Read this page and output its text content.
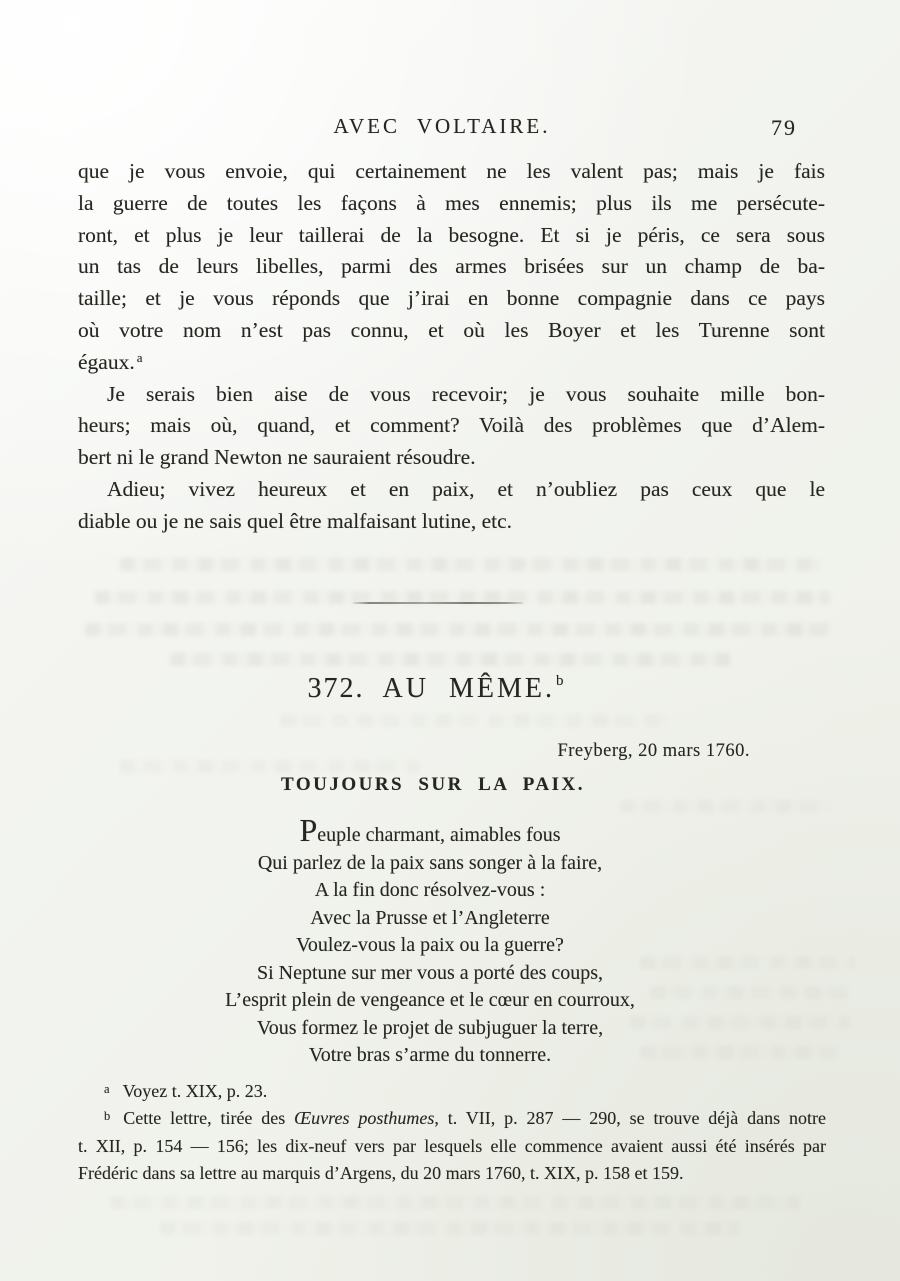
AVEC VOLTAIRE.	79
que je vous envoie, qui certainement ne les valent pas; mais je fais
la guerre de toutes les façons à mes ennemis; plus ils me persécute-
ront, et plus je leur taillerai de la besogne. Et si je péris, ce sera sous
un tas de leurs libelles, parmi des armes brisées sur un champ de ba-
taille; et je vous réponds que j’irai en bonne compagnie dans ce pays
où votre nom n’est pas connu, et où les Boyer et les Turenne sont
égaux. $^a$
Je serais bien aise de vous recevoir; je vous souhaite mille bon-
heurs; mais où, quand, et comment? Voilà des problèmes que d’Alem-
bert ni le grand Newton ne sauraient résoudre.
Adieu; vivez heureux et en paix, et n’oubliez pas ceux que le
diable ou je ne sais quel être malfaisant lutine, etc.
372. AU MÊME.$^b$
Freyberg, 20 mars 1760.
TOUJOURS SUR LA PAIX.
Peuple charmant, aimables fous
Qui parlez de la paix sans songer à la faire,
A la fin donc résolvez-vous :
Avec la Prusse et l’Angleterre
Voulez-vous la paix ou la guerre?
Si Neptune sur mer vous a porté des coups,
L’esprit plein de vengeance et le cœur en courroux,
Vous formez le projet de subjuguer la terre,
Votre bras s’arme du tonnerre.
$^a$ Voyez t. XIX, p. 23.
$^b$ Cette lettre, tirée des Œuvres posthumes, t. VII, p. 287 — 290, se trouve déjà dans notre
t. XII, p. 154 — 156; les dix-neuf vers par lesquels elle commence avaient aussi été insérés par
Frédéric dans sa lettre au marquis d’Argens, du 20 mars 1760, t. XIX, p. 158 et 159.
